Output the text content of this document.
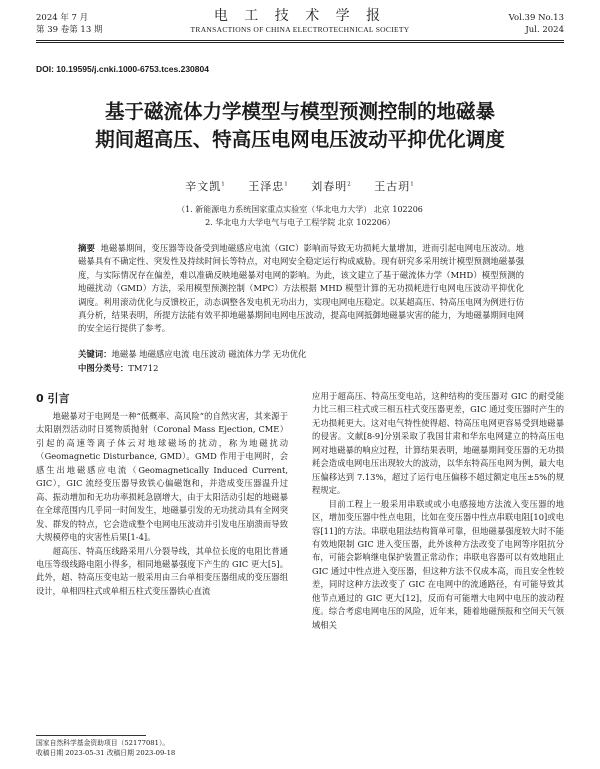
2024 年 7 月
第 39 卷第 13 期
电 工 技 术 学 报
TRANSACTIONS OF CHINA ELECTROTECHNICAL SOCIETY
Vol.39 No.13
Jul. 2024
DOI: 10.19595/j.cnki.1000-6753.tces.230804
基于磁流体力学模型与模型预测控制的地磁暴
期间超高压、特高压电网电压波动平抑优化调度
辛文凯$^1$ 王泽忠$^1$ 刘春明$^2$ 王古玥$^1$
（1. 新能源电力系统国家重点实验室（华北电力大学） 北京 102206
2. 华北电力大学电气与电子工程学院 北京 102206）
摘要 地磁暴期间，变压器等设备受到地磁感应电流（GIC）影响而导致无功损耗大量增加，进而引起电网电压波动。地磁暴具有不确定性、突发性及持续时间长等特点，对电网安全稳定运行构成威胁。现有研究多采用统计模型预测地磁暴强度，与实际情况存在偏差，难以准确反映地磁暴对电网的影响。为此，该文建立了基于磁流体力学（MHD）模型预测的地磁扰动（GMD）方法，采用模型预测控制（MPC）方法根据 MHD 模型计算的无功损耗进行电网电压波动平抑优化调度。利用滚动优化与反馈校正，动态调整各发电机无功出力，实现电网电压稳定。以某超高压、特高压电网为例进行仿真分析，结果表明，所提方法能有效平抑地磁暴期间电网电压波动，提高电网抵御地磁暴灾害的能力，为地磁暴期间电网的安全运行提供了参考。
关键词：地磁暴 地磁感应电流 电压波动 磁流体力学 无功优化
中图分类号：TM712
0 引言

地磁暴对于电网是一种“低概率、高风险”的自然灾害，其来源于太阳剧烈活动时日冕物质抛射（Coronal Mass Ejection, CME）引起的高速等离子体云对地球磁场的扰动，称为地磁扰动（Geomagnetic Disturbance, GMD）。GMD 作用于电网时，会感生出地磁感应电流（Geomagnetically Induced Current, GIC），GIC 流经变压器导致铁心偏磁饱和，并造成变压器温升过高、振动增加和无功功率损耗急剧增大，由于太阳活动引起的地磁暴在全球范围内几乎同一时间发生，地磁暴引发的无功扰动具有全网突发、群发的特点，它会造成整个电网电压波动并引发电压崩溃而导致大规模停电的灾害性后果[1-4]。

超高压、特高压线路采用八分裂导线，其单位长度的电阻比普通电压等级线路电阻小得多，相同地磁暴强度下产生的 GIC 更大[5]。此外，超、特高压变电站一般采用由三台单相变压器组成的变压器组设计，单相四柱式或单相五柱式变压器铁心直流

应用于超高压、特高压变电站，这种结构的变压器对 GIC 的耐受能力比三相三柱式或三相五柱式变压器更差，GIC 通过变压器时产生的无功损耗更大。这对电气特性使得超、特高压电网更容易受到地磁暴的侵害。文献[8-9]分别采取了我国甘肃和华东电网建立的特高压电网对地磁暴的响应过程，计算结果表明，地磁暴期间变压器的无功损耗会造成电网电压出现较大的波动，以华东特高压电网为例，最大电压偏移达到 7.13%，超过了运行电压偏移不超过额定电压±5%的规程规定。

目前工程上一般采用串联或或小电感接地方法流入变压器的地区，增加变压器中性点电阻，比如在变压器中性点串联电阻[10]或电容[11]的方法。串联电阻法结构简单可靠，但地磁暴强度较大时不能有效地限制 GIC 进入变压器，此外该种方法改变了电网等序阻抗分布，可能会影响继电保护装置正常动作；串联电容器可以有效地阻止 GIC 通过中性点进入变压器，但这种方法不仅成本高，而且安全性较差，同时这种方法改变了 GIC 在电网中的流通路径，有可能导致其他节点通过的 GIC 更大[12]，反而有可能增大电网中电压的波动程度。综合考虑电网电压的风险，近年来，随着地磁预报和空间天气领域相关

国家自然科学基金资助项目（52177081）。
收稿日期 2023-05-31 改稿日期 2023-09-18
